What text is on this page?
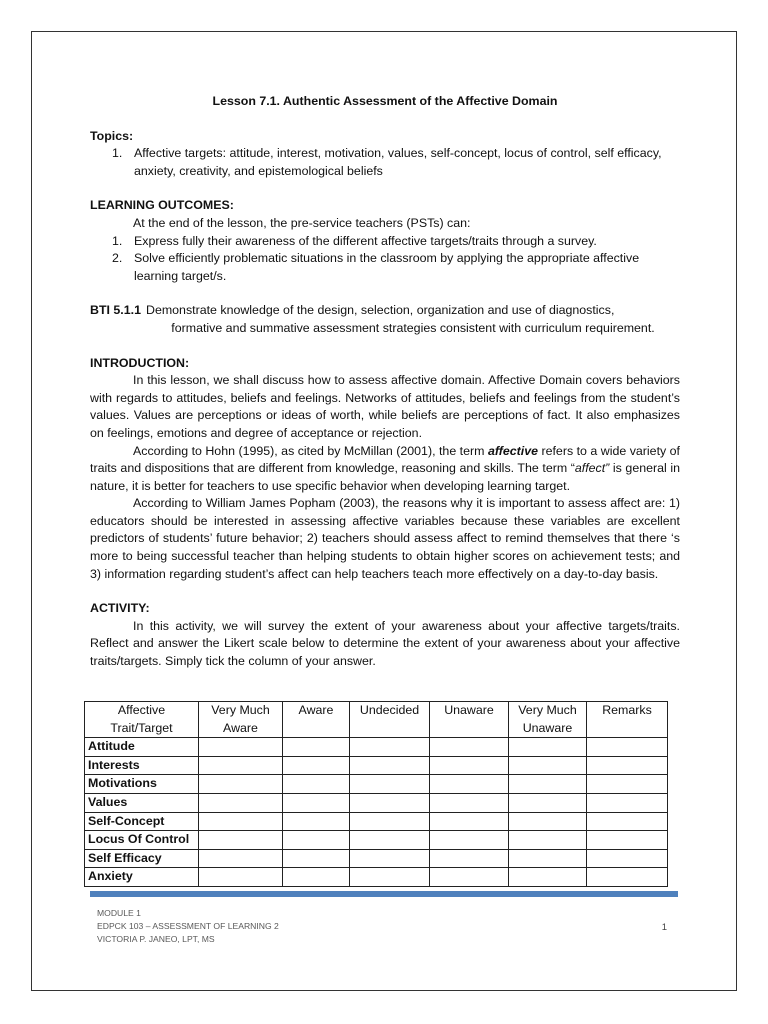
Lesson 7.1. Authentic Assessment of the Affective Domain

Topics:

1. Affective targets: attitude, interest, motivation, values, self-concept, locus of control, self efficacy, anxiety, creativity, and epistemological beliefs

LEARNING OUTCOMES:

At the end of the lesson, the pre-service teachers (PSTs) can:

1. Express fully their awareness of the different affective targets/traits through a survey.
2. Solve efficiently problematic situations in the classroom by applying the appropriate affective learning target/s.
BTI 5.1.1 Demonstrate knowledge of the design, selection, organization and use of diagnostics,
formative and summative assessment strategies consistent with curriculum requirement.

INTRODUCTION:

In this lesson, we shall discuss how to assess affective domain. Affective Domain covers behaviors with regards to attitudes, beliefs and feelings. Networks of attitudes, beliefs and feelings from the student’s values. Values are perceptions or ideas of worth, while beliefs are perceptions of fact. It also emphasizes on feelings, emotions and degree of acceptance or rejection.

According to Hohn (1995), as cited by McMillan (2001), the term affective refers to a wide variety of traits and dispositions that are different from knowledge, reasoning and skills. The term “affect” is general in nature, it is better for teachers to use specific behavior when developing learning target.

According to William James Popham (2003), the reasons why it is important to assess affect are: 1) educators should be interested in assessing affective variables because these variables are excellent predictors of students’ future behavior; 2) teachers should assess affect to remind themselves that there ‘s more to being successful teacher than helping students to obtain higher scores on achievement tests; and 3) information regarding student’s affect can help teachers teach more effectively on a day-to-day basis.

ACTIVITY:

In this activity, we will survey the extent of your awareness about your affective targets/traits. Reflect and answer the Likert scale below to determine the extent of your awareness about your affective traits/targets. Simply tick the column of your answer.

Affective Trait/Target	Very Much Aware	Aware	Undecided	Unaware	Very Much Unaware	Remarks
Attitude						
Interests						
Motivations						
Values						
Self-Concept						
Locus Of Control						
Self Efficacy						
Anxiety						
MODULE 1
EDPCK 103 – ASSESSMENT OF LEARNING 2
VICTORIA P. JANEO, LPT, MS
1
